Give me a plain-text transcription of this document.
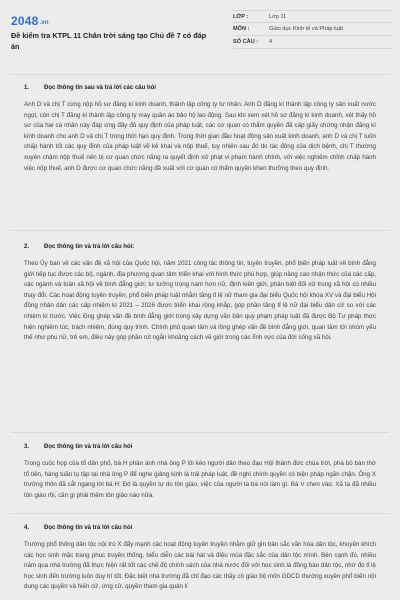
2048.vn
Đề kiểm tra KTPL 11 Chân trời sáng tạo Chủ đề 7 có đáp án
LỚP :	Lớp 11
MÔN :	Giáo dục Kinh tế và Pháp luật
SỐ CÂU :	4
1.	Đọc thông tin sau và trả lời các câu hỏi
Anh D và chị T cùng nộp hồ sơ đăng kí kinh doanh, thành lập công ty tư nhân. Anh D đăng kí thành lập công ty sản xuất nước ngọt, còn chị T đăng kí thành lập công ty may quần áo bảo hộ lao động. Sau khi xem xét hồ sơ đăng kí kinh doanh, xét thấy hồ sơ của hai cá nhân này đáp ứng đầy đủ quy định của pháp luật, các cơ quan có thẩm quyền đã cấp giấy chứng nhận đăng kí kinh doanh cho anh D và chị T trong thời hạn quy định. Trong thời gian đầu hoạt động sản xuất kinh doanh, anh D và chị T luôn chấp hành tốt các quy định của pháp luật về kê khai và nộp thuế, tuy nhiên sau đó do tác động của dịch bệnh, chị T thường xuyên chậm nộp thuế nên bị cơ quan chức năng ra quyết định xử phạt vi phạm hành chính, với việc nghiêm chỉnh chấp hành việc nộp thuế, anh D được cơ quan chức năng đề xuất với cơ quan có thẩm quyền khen thưởng theo quy định.
2.	Đọc thông tin và trả lời câu hỏi:
Theo Ủy ban về các vấn đề xã hội của Quốc hội, năm 2021 công tác thông tin, tuyên truyền, phổ biến pháp luật về bình đẳng giới tiếp tục được các bộ, ngành, địa phương quan tâm triển khai với hình thức phù hợp, giúp nâng cao nhận thức của các cấp, các ngành và toàn xã hội về bình đẳng giới; tư tưởng trọng nam hơn nữ, định kiến giới, phân biệt đối xử trong xã hội có nhiều thay đổi. Các hoạt động tuyên truyền, phổ biến pháp luật nhằm tăng tỉ lệ nữ tham gia đại biểu Quốc hội khóa XV và đại biểu Hội đồng nhân dân các cấp nhiệm kì 2021 – 2026 được triển khai rộng khắp, góp phần tăng tỉ lệ nữ đại biểu dân cử so với các nhiệm kì trước. Việc lồng ghép vấn đề bình đẳng giới trong xây dựng văn bản quy phạm pháp luật đã được Bộ Tư pháp thực hiện nghiêm túc, trách nhiệm, đúng quy trình. Chính phủ quan tâm và lồng ghép vấn đề bình đẳng giới, quan tâm tới nhóm yếu thế như phụ nữ, trẻ em, điều này góp phần rút ngắn khoảng cách về giới trong các lĩnh vực của đời sống xã hội.
3.	Đọc thông tin và trả lời câu hỏi
Trong cuộc họp của tổ dân phố, bà H phản ánh nhà ông P lôi kéo người dân theo đạo Hội thánh đức chúa trời, phá bỏ bàn thờ tổ tiên, hàng tuần tụ tập tại nhà ông P để nghe giảng kinh là trái pháp luật, đề nghị chính quyền có biện pháp ngăn chặn. Ông X trưởng thôn đã cắt ngang lời bà H: Đó là quyền tự do tôn giáo, việc của người ta bà nói làm gì. Bà V chen vào: Xã ta đã nhiều tôn giáo rồi, cần gì phải thêm tôn giáo nào nữa.
4.	Đọc thông tin và trả lời câu hỏi
Trường phổ thông dân tộc nội trú X đẩy mạnh các hoạt động tuyên truyền nhằm giữ gìn bản sắc văn hóa dân tộc, khuyến khích các học sinh mặc trang phục truyền thống, biểu diễn các bài hát và điệu múa đặc sắc của dân tộc mình. Bên cạnh đó, nhiều năm qua nhà trường đã thực hiện rất tốt các chế độ chính sách của nhà nước đối với học sinh là đồng bào dân tộc, nhờ đó tỉ lệ học sinh đến trường luôn duy trì tốt. Đặc biệt nhà trường đã chỉ đạo các thầy cô giáo bộ môn GDCD thường xuyên phổ biến nội dung các quyền và hiến cử, ứng cử, quyền tham gia quản lí
